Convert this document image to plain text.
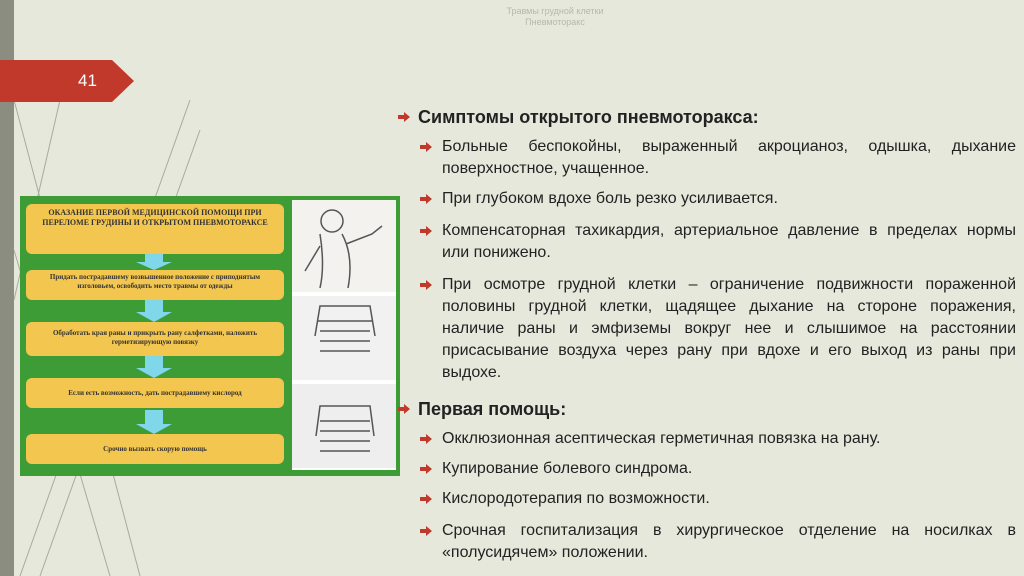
Травмы грудной клетки
Пневмоторакс
41
ОКАЗАНИЕ ПЕРВОЙ МЕДИЦИНСКОЙ ПОМОЩИ ПРИ ПЕРЕЛОМЕ ГРУДИНЫ И ОТКРЫТОМ ПНЕВМОТОРАКСЕ
Придать пострадавшему возвышенное положение с приподнятым изголовьем, освободить место травмы от одежды
Обработать края раны и прикрыть рану салфетками, наложить герметизирующую повязку
Если есть возможность, дать пострадавшему кислород
Срочно вызвать скорую помощь
Симптомы открытого пневмоторакса:
Больные беспокойны, выраженный акроцианоз, одышка, дыхание поверхностное, учащенное.
При глубоком вдохе боль резко усиливается.
Компенсаторная тахикардия, артериальное давление в пределах нормы или понижено.
При осмотре грудной клетки – ограничение подвижности пораженной половины грудной клетки, щадящее дыхание на стороне поражения, наличие раны и эмфиземы вокруг нее и слышимое на расстоянии присасывание воздуха через рану при вдохе и его выход из раны при выдохе.
Первая помощь:
Окклюзионная асептическая герметичная повязка на рану.
Купирование болевого синдрома.
Кислородотерапия по возможности.
Срочная госпитализация в хирургическое отделение на носилках в «полусидячем» положении.
